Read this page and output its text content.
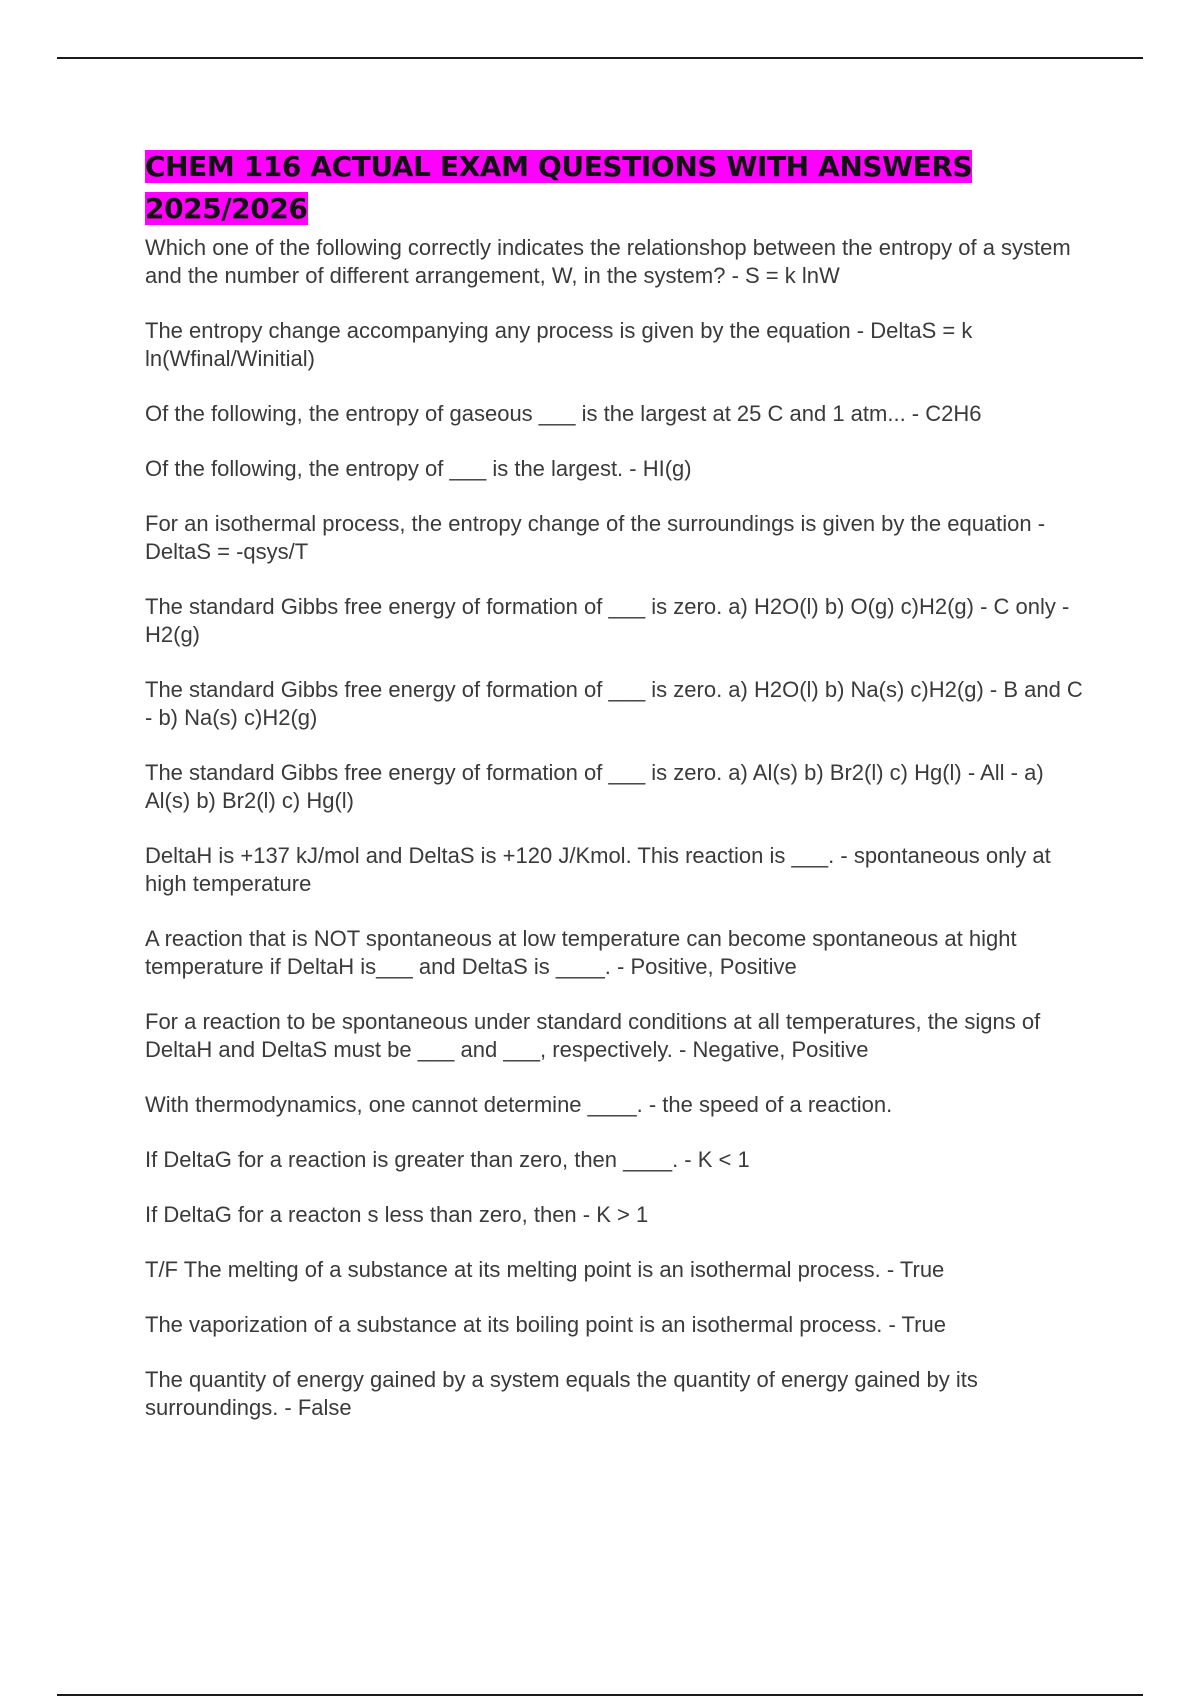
CHEM 116 ACTUAL EXAM QUESTIONS WITH ANSWERS 2025/2026
Which one of the following correctly indicates the relationshop between the entropy of a system and the number of different arrangement, W, in the system? - S = k lnW
The entropy change accompanying any process is given by the equation - DeltaS = k ln(Wfinal/Winitial)
Of the following, the entropy of gaseous ___ is the largest at 25 C and 1 atm... - C2H6
Of the following, the entropy of ___ is the largest. - HI(g)
For an isothermal process, the entropy change of the surroundings is given by the equation - DeltaS = -qsys/T
The standard Gibbs free energy of formation of ___ is zero. a) H2O(l) b) O(g) c)H2(g) - C only - H2(g)
The standard Gibbs free energy of formation of ___ is zero. a) H2O(l) b) Na(s) c)H2(g) - B and C - b) Na(s) c)H2(g)
The standard Gibbs free energy of formation of ___ is zero. a) Al(s) b) Br2(l) c) Hg(l) - All - a) Al(s) b) Br2(l) c) Hg(l)
DeltaH is +137 kJ/mol and DeltaS is +120 J/Kmol. This reaction is ___. - spontaneous only at high temperature
A reaction that is NOT spontaneous at low temperature can become spontaneous at hight temperature if DeltaH is___ and DeltaS is ____. - Positive, Positive
For a reaction to be spontaneous under standard conditions at all temperatures, the signs of DeltaH and DeltaS must be ___ and ___, respectively. - Negative, Positive
With thermodynamics, one cannot determine ____. - the speed of a reaction.
If DeltaG for a reaction is greater than zero, then ____. - K < 1
If DeltaG for a reacton s less than zero, then - K > 1
T/F The melting of a substance at its melting point is an isothermal process. - True
The vaporization of a substance at its boiling point is an isothermal process. - True
The quantity of energy gained by a system equals the quantity of energy gained by its surroundings. - False
